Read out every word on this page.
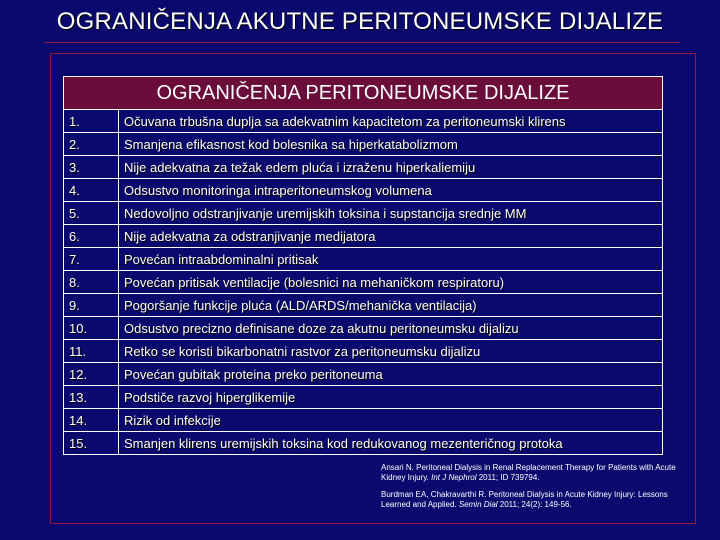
OGRANIČENJA AKUTNE PERITONEUMSKE DIJALIZE
OGRANIČENJA PERITONEUMSKE DIJALIZE	
1.	Očuvana trbušna duplja sa adekvatnim kapacitetom za peritoneumski klirens
2.	Smanjena efikasnost kod bolesnika sa hiperkatabolizmom
3.	Nije adekvatna za težak edem pluća i izraženu hiperkaliemiju
4.	Odsustvo monitoringa intraperitoneumskog volumena
5.	Nedovoljno odstranjivanje uremijskih toksina i supstancija srednje MM
6.	Nije adekvatna za odstranjivanje medijatora
7.	Povećan intraabdominalni pritisak
8.	Povećan pritisak ventilacije (bolesnici na mehaničkom respiratoru)
9.	Pogoršanje funkcije pluća (ALD/ARDS/mehanička ventilacija)
10.	Odsustvo precizno definisane doze za akutnu peritoneumsku dijalizu
11.	Retko se koristi bikarbonatni rastvor za peritoneumsku dijalizu
12.	Povećan gubitak proteina preko peritoneuma
13.	Podstiče razvoj hiperglikemije
14.	Rizik od infekcije
15.	Smanjen klirens uremijskih toksina kod redukovanog mezenteričnog protoka

Ansari N. Peritoneal Dialysis in Renal Replacement Therapy for Patients with Acute Kidney Injury. Int J Nephrol 2011; ID 739794.

Burdman EA, Chakravarthi R. Peritoneal Dialysis in Acute Kidney Injury: Lessons Learned and Applied. Semin Dial 2011; 24(2): 149-56.
